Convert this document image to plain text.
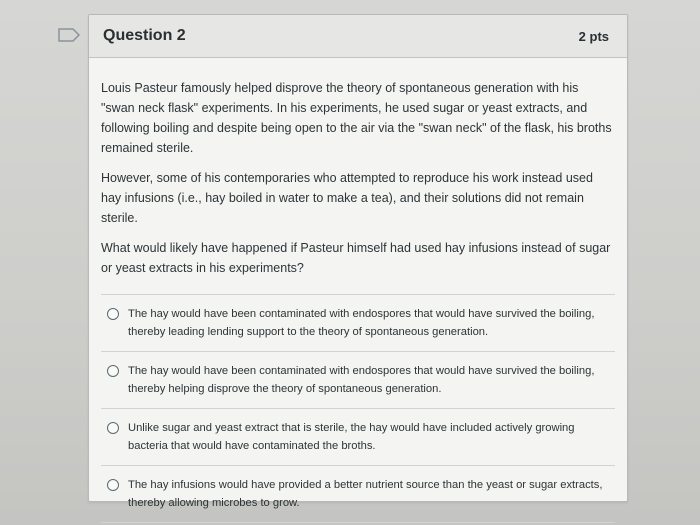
Question 2	2 pts

Louis Pasteur famously helped disprove the theory of spontaneous generation with his "swan neck flask" experiments. In his experiments, he used sugar or yeast extracts, and following boiling and despite being open to the air via the "swan neck" of the flask, his broths remained sterile.

However, some of his contemporaries who attempted to reproduce his work instead used hay infusions (i.e., hay boiled in water to make a tea), and their solutions did not remain sterile.

What would likely have happened if Pasteur himself had used hay infusions instead of sugar or yeast extracts in his experiments?

The hay would have been contaminated with endospores that would have survived the boiling, thereby leading lending support to the theory of spontaneous generation.
The hay would have been contaminated with endospores that would have survived the boiling, thereby helping disprove the theory of spontaneous generation.
Unlike sugar and yeast extract that is sterile, the hay would have included actively growing bacteria that would have contaminated the broths.
The hay infusions would have provided a better nutrient source than the yeast or sugar extracts, thereby allowing microbes to grow.
